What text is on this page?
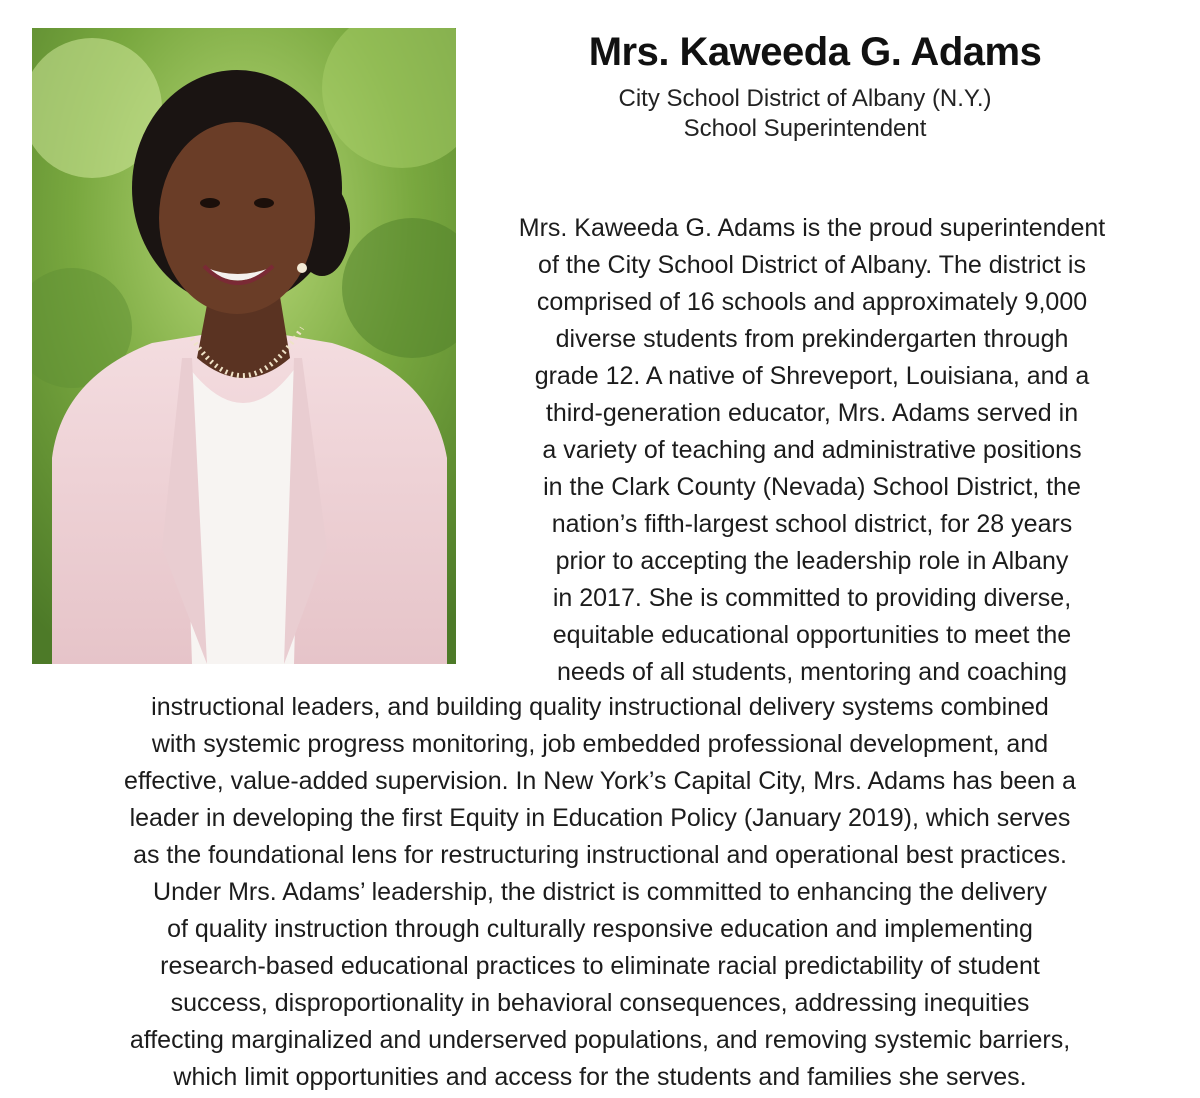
Mrs. Kaweeda G. Adams
City School District of Albany (N.Y.)
School Superintendent
Mrs. Kaweeda G. Adams is the proud superintendent
of the City School District of Albany. The district is
comprised of 16 schools and approximately 9,000
diverse students from prekindergarten through
grade 12. A native of Shreveport, Louisiana, and a
third-generation educator, Mrs. Adams served in
a variety of teaching and administrative positions
in the Clark County (Nevada) School District, the
nation’s fifth-largest school district, for 28 years
prior to accepting the leadership role in Albany
in 2017. She is committed to providing diverse,
equitable educational opportunities to meet the
needs of all students, mentoring and coaching
instructional leaders, and building quality instructional delivery systems combined
with systemic progress monitoring, job embedded professional development, and
effective, value-added supervision. In New York’s Capital City, Mrs. Adams has been a
leader in developing the first Equity in Education Policy (January 2019), which serves
as the foundational lens for restructuring instructional and operational best practices.
Under Mrs. Adams’ leadership, the district is committed to enhancing the delivery
of quality instruction through culturally responsive education and implementing
research-based educational practices to eliminate racial predictability of student
success, disproportionality in behavioral consequences, addressing inequities
affecting marginalized and underserved populations, and removing systemic barriers,
which limit opportunities and access for the students and families she serves.
